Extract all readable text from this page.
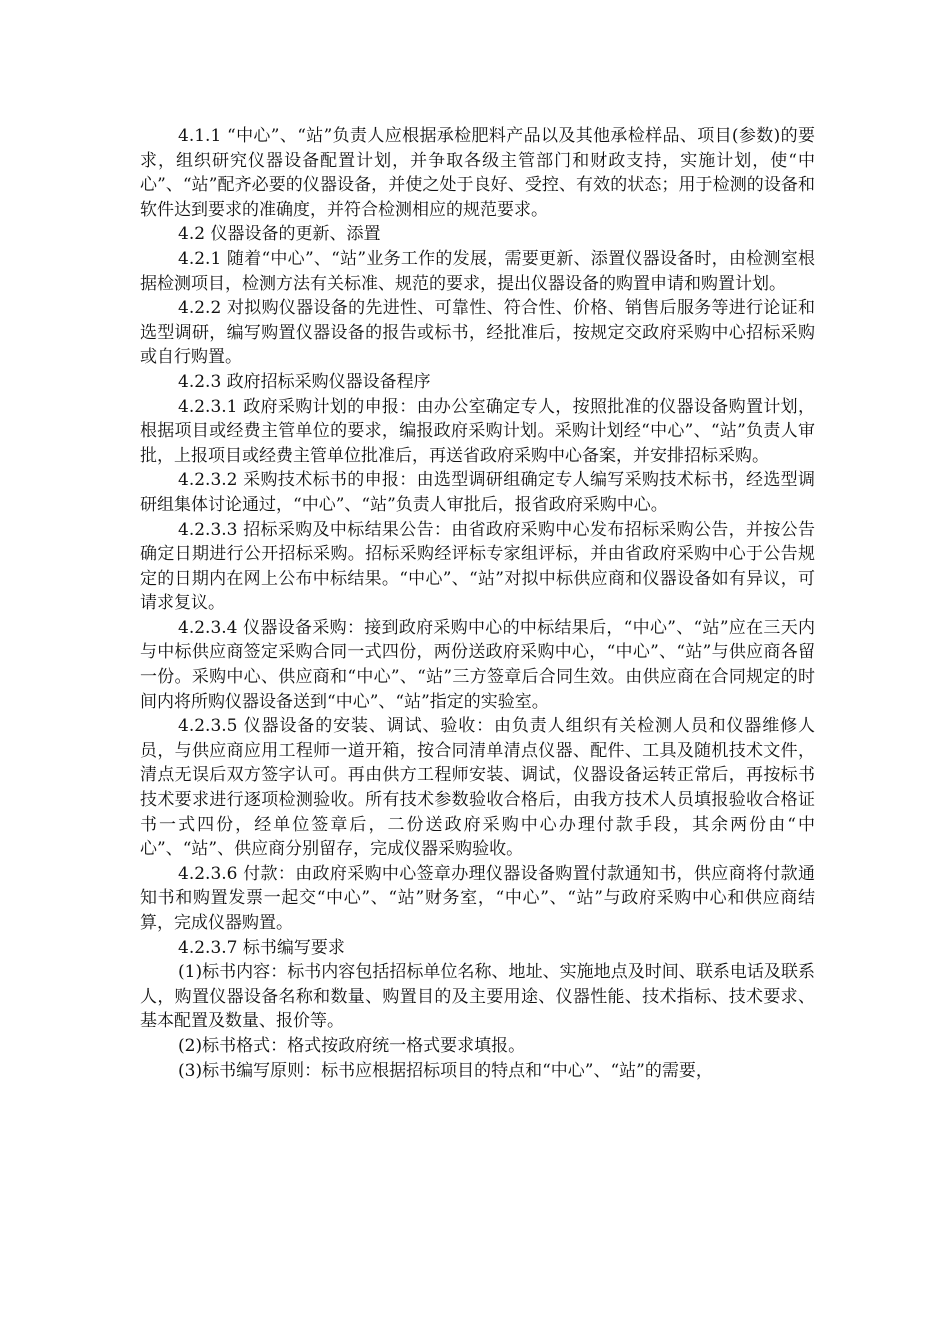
4.1.1 “中心”、“站”负责人应根据承检肥料产品以及其他承检样品、项目(参数)的要求，组织研究仪器设备配置计划，并争取各级主管部门和财政支持，实施计划，使“中心”、“站”配齐必要的仪器设备，并使之处于良好、受控、有效的状态；用于检测的设备和软件达到要求的准确度，并符合检测相应的规范要求。

4.2 仪器设备的更新、添置

4.2.1 随着“中心”、“站”业务工作的发展，需要更新、添置仪器设备时，由检测室根据检测项目，检测方法有关标准、规范的要求，提出仪器设备的购置申请和购置计划。

4.2.2 对拟购仪器设备的先进性、可靠性、符合性、价格、销售后服务等进行论证和选型调研，编写购置仪器设备的报告或标书，经批准后，按规定交政府采购中心招标采购或自行购置。

4.2.3 政府招标采购仪器设备程序

4.2.3.1 政府采购计划的申报：由办公室确定专人，按照批准的仪器设备购置计划，根据项目或经费主管单位的要求，编报政府采购计划。采购计划经“中心”、“站”负责人审批，上报项目或经费主管单位批准后，再送省政府采购中心备案，并安排招标采购。

4.2.3.2 采购技术标书的申报：由选型调研组确定专人编写采购技术标书，经选型调研组集体讨论通过，“中心”、“站”负责人审批后，报省政府采购中心。

4.2.3.3 招标采购及中标结果公告：由省政府采购中心发布招标采购公告，并按公告确定日期进行公开招标采购。招标采购经评标专家组评标，并由省政府采购中心于公告规定的日期内在网上公布中标结果。“中心”、“站”对拟中标供应商和仪器设备如有异议，可请求复议。

4.2.3.4 仪器设备采购：接到政府采购中心的中标结果后，“中心”、“站”应在三天内与中标供应商签定采购合同一式四份，两份送政府采购中心，“中心”、“站”与供应商各留一份。采购中心、供应商和“中心”、“站”三方签章后合同生效。由供应商在合同规定的时间内将所购仪器设备送到“中心”、“站”指定的实验室。

4.2.3.5 仪器设备的安装、调试、验收：由负责人组织有关检测人员和仪器维修人员，与供应商应用工程师一道开箱，按合同清单清点仪器、配件、工具及随机技术文件，清点无误后双方签字认可。再由供方工程师安装、调试，仪器设备运转正常后，再按标书技术要求进行逐项检测验收。所有技术参数验收合格后，由我方技术人员填报验收合格证书一式四份，经单位签章后，二份送政府采购中心办理付款手段，其余两份由“中心”、“站”、供应商分别留存，完成仪器采购验收。

4.2.3.6 付款：由政府采购中心签章办理仪器设备购置付款通知书，供应商将付款通知书和购置发票一起交“中心”、“站”财务室，“中心”、“站”与政府采购中心和供应商结算，完成仪器购置。

4.2.3.7 标书编写要求

(1)标书内容：标书内容包括招标单位名称、地址、实施地点及时间、联系电话及联系人，购置仪器设备名称和数量、购置目的及主要用途、仪器性能、技术指标、技术要求、基本配置及数量、报价等。

(2)标书格式：格式按政府统一格式要求填报。

(3)标书编写原则：标书应根据招标项目的特点和“中心”、“站”的需要，
